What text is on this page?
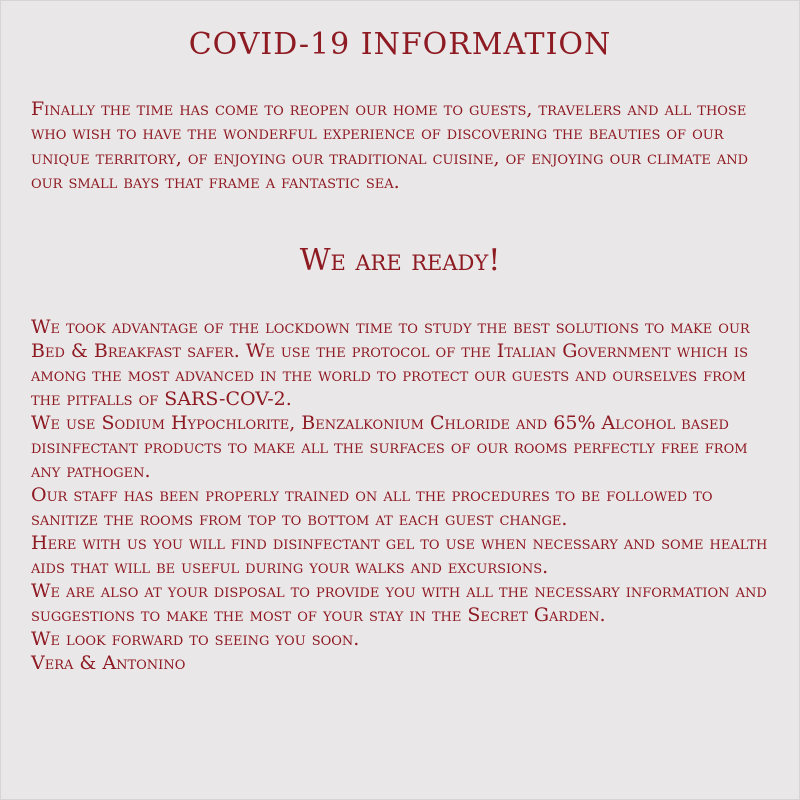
COVID-19 INFORMATION

Finally the time has come to reopen our home to guests, travelers and all those who wish to have the wonderful experience of discovering the beauties of our unique territory, of enjoying our traditional cuisine, of enjoying our climate and our small bays that frame a fantastic sea.

We are ready!

We took advantage of the lockdown time to study the best solutions to make our Bed & Breakfast safer. We use the protocol of the Italian Government which is among the most advanced in the world to protect our guests and ourselves from the pitfalls of SARS-COV-2.

We use Sodium Hypochlorite, Benzalkonium Chloride and 65% Alcohol based disinfectant products to make all the surfaces of our rooms perfectly free from any pathogen.

Our staff has been properly trained on all the procedures to be followed to sanitize the rooms from top to bottom at each guest change.

Here with us you will find disinfectant gel to use when necessary and some health aids that will be useful during your walks and excursions.

We are also at your disposal to provide you with all the necessary information and suggestions to make the most of your stay in the Secret Garden.

We look forward to seeing you soon.

Vera & Antonino
